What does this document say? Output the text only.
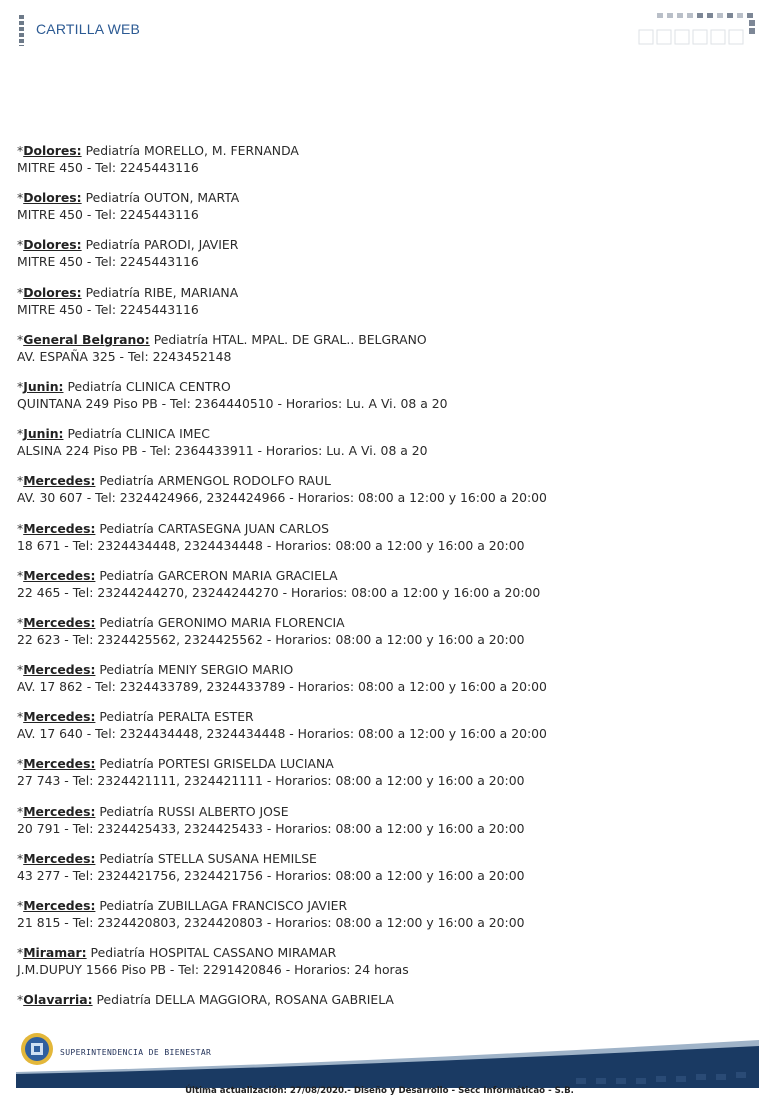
CARTILLA WEB
*Dolores: Pediatría MORELLO, M. FERNANDA
MITRE 450 - Tel: 2245443116
*Dolores: Pediatría OUTON, MARTA
MITRE 450 - Tel: 2245443116
*Dolores: Pediatría PARODI, JAVIER
MITRE 450 - Tel: 2245443116
*Dolores: Pediatría RIBE, MARIANA
MITRE 450 - Tel: 2245443116
*General Belgrano: Pediatría HTAL. MPAL. DE GRAL.. BELGRANO
AV. ESPAÑA 325 - Tel: 2243452148
*Junin: Pediatría CLINICA CENTRO
QUINTANA 249 Piso PB - Tel: 2364440510 - Horarios: Lu. A Vi. 08 a 20
*Junin: Pediatría CLINICA IMEC
ALSINA 224 Piso PB - Tel: 2364433911 - Horarios: Lu. A Vi. 08 a 20
*Mercedes: Pediatría ARMENGOL RODOLFO RAUL
AV. 30 607 - Tel: 2324424966, 2324424966 - Horarios: 08:00 a 12:00 y 16:00 a 20:00
*Mercedes: Pediatría CARTASEGNA JUAN CARLOS
18 671 - Tel: 2324434448, 2324434448 - Horarios: 08:00 a 12:00 y 16:00 a 20:00
*Mercedes: Pediatría GARCERON MARIA GRACIELA
22 465 - Tel: 23244244270, 23244244270 - Horarios: 08:00 a 12:00 y 16:00 a 20:00
*Mercedes: Pediatría GERONIMO MARIA FLORENCIA
22 623 - Tel: 2324425562, 2324425562 - Horarios: 08:00 a 12:00 y 16:00 a 20:00
*Mercedes: Pediatría MENIY SERGIO MARIO
AV. 17 862 - Tel: 2324433789, 2324433789 - Horarios: 08:00 a 12:00 y 16:00 a 20:00
*Mercedes: Pediatría PERALTA ESTER
AV. 17 640 - Tel: 2324434448, 2324434448 - Horarios: 08:00 a 12:00 y 16:00 a 20:00
*Mercedes: Pediatría PORTESI GRISELDA LUCIANA
27 743 - Tel: 2324421111, 2324421111 - Horarios: 08:00 a 12:00 y 16:00 a 20:00
*Mercedes: Pediatría RUSSI ALBERTO JOSE
20 791 - Tel: 2324425433, 2324425433 - Horarios: 08:00 a 12:00 y 16:00 a 20:00
*Mercedes: Pediatría STELLA SUSANA HEMILSE
43 277 - Tel: 2324421756, 2324421756 - Horarios: 08:00 a 12:00 y 16:00 a 20:00
*Mercedes: Pediatría ZUBILLAGA FRANCISCO JAVIER
21 815 - Tel: 2324420803, 2324420803 - Horarios: 08:00 a 12:00 y 16:00 a 20:00
*Miramar: Pediatría HOSPITAL CASSANO MIRAMAR
J.M.DUPUY 1566 Piso PB - Tel: 2291420846 - Horarios: 24 horas
*Olavarria: Pediatría DELLA MAGGIORA, ROSANA GABRIELA
SUPERINTENDENCIA DE BIENESTAR
Última actualización: 27/08/2020.- Diseño y Desarrollo - Secc Informáticao - S.B.
